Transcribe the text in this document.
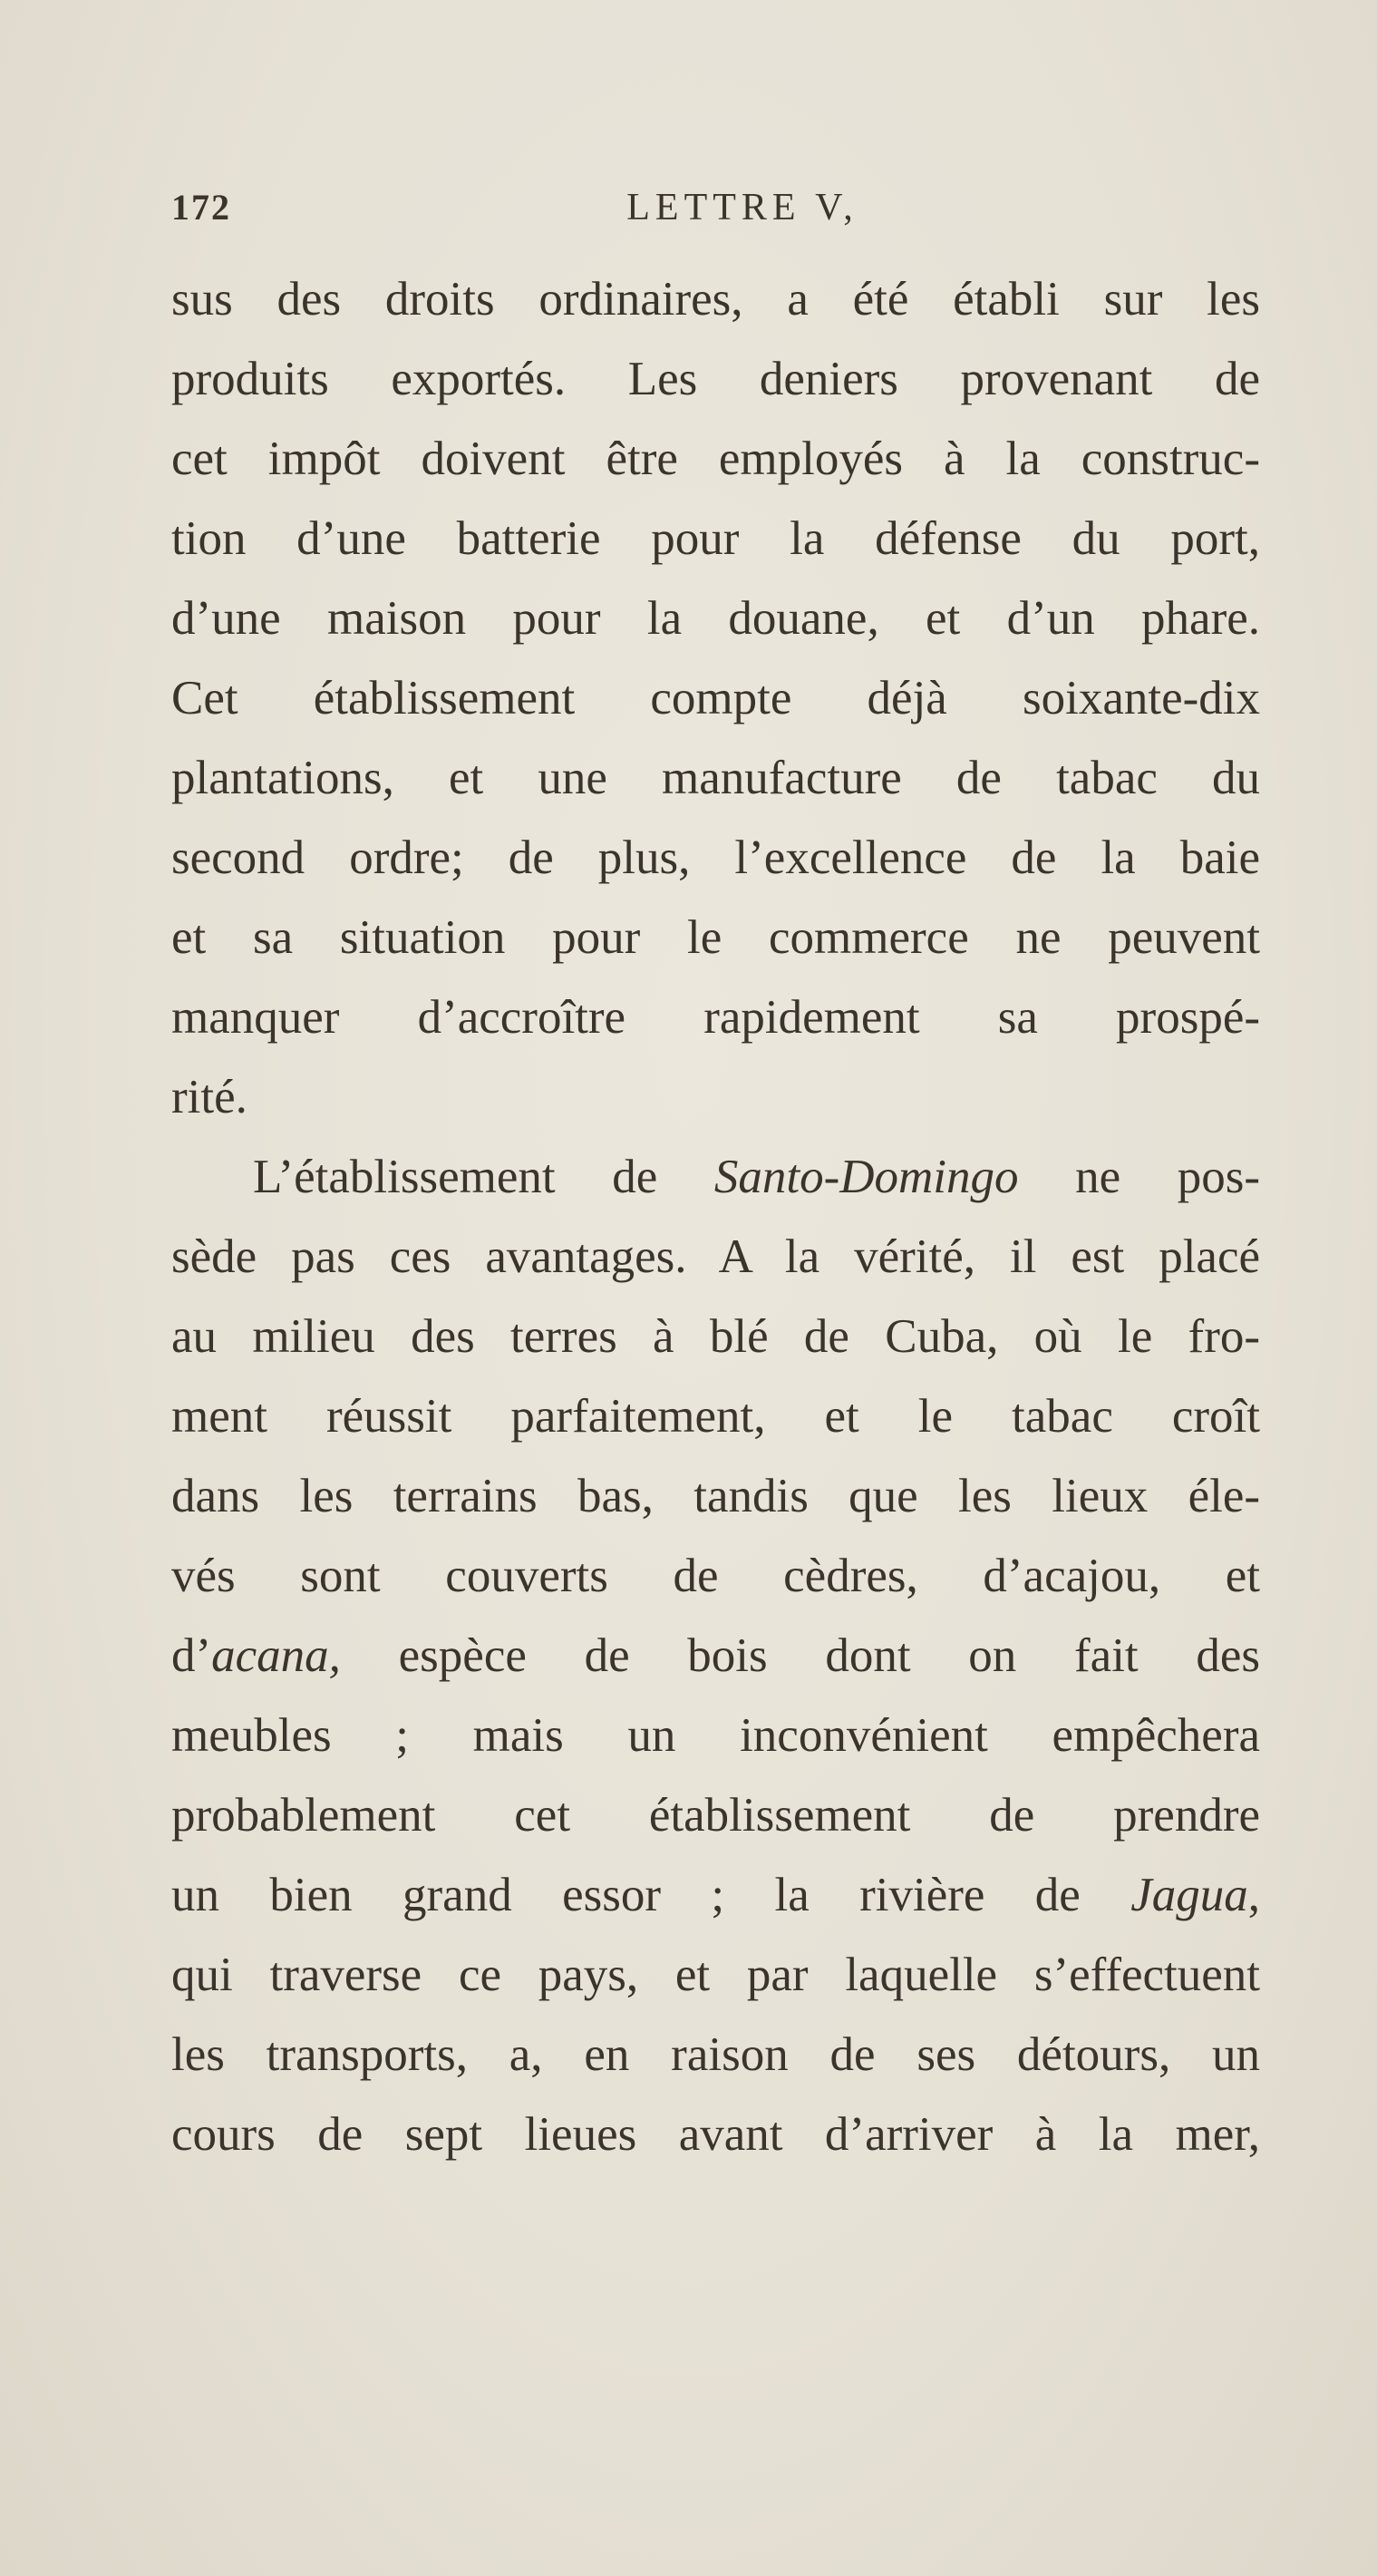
172	LETTRE V,
sus des droits ordinaires, a été établi sur les
produits exportés. Les deniers provenant de
cet impôt doivent être employés à la construc-
tion d’une batterie pour la défense du port,
d’une maison pour la douane, et d’un phare.
Cet établissement compte déjà soixante-dix
plantations, et une manufacture de tabac du
second ordre; de plus, l’excellence de la baie
et sa situation pour le commerce ne peuvent
manquer d’accroître rapidement sa prospé-
rité.
L’établissement de Santo-Domingo ne pos-
sède pas ces avantages. A la vérité, il est placé
au milieu des terres à blé de Cuba, où le fro-
ment réussit parfaitement, et le tabac croît
dans les terrains bas, tandis que les lieux éle-
vés sont couverts de cèdres, d’acajou, et
d’acana, espèce de bois dont on fait des
meubles ; mais un inconvénient empêchera
probablement cet établissement de prendre
un bien grand essor ; la rivière de Jagua,
qui traverse ce pays, et par laquelle s’effectuent
les transports, a, en raison de ses détours, un
cours de sept lieues avant d’arriver à la mer,
